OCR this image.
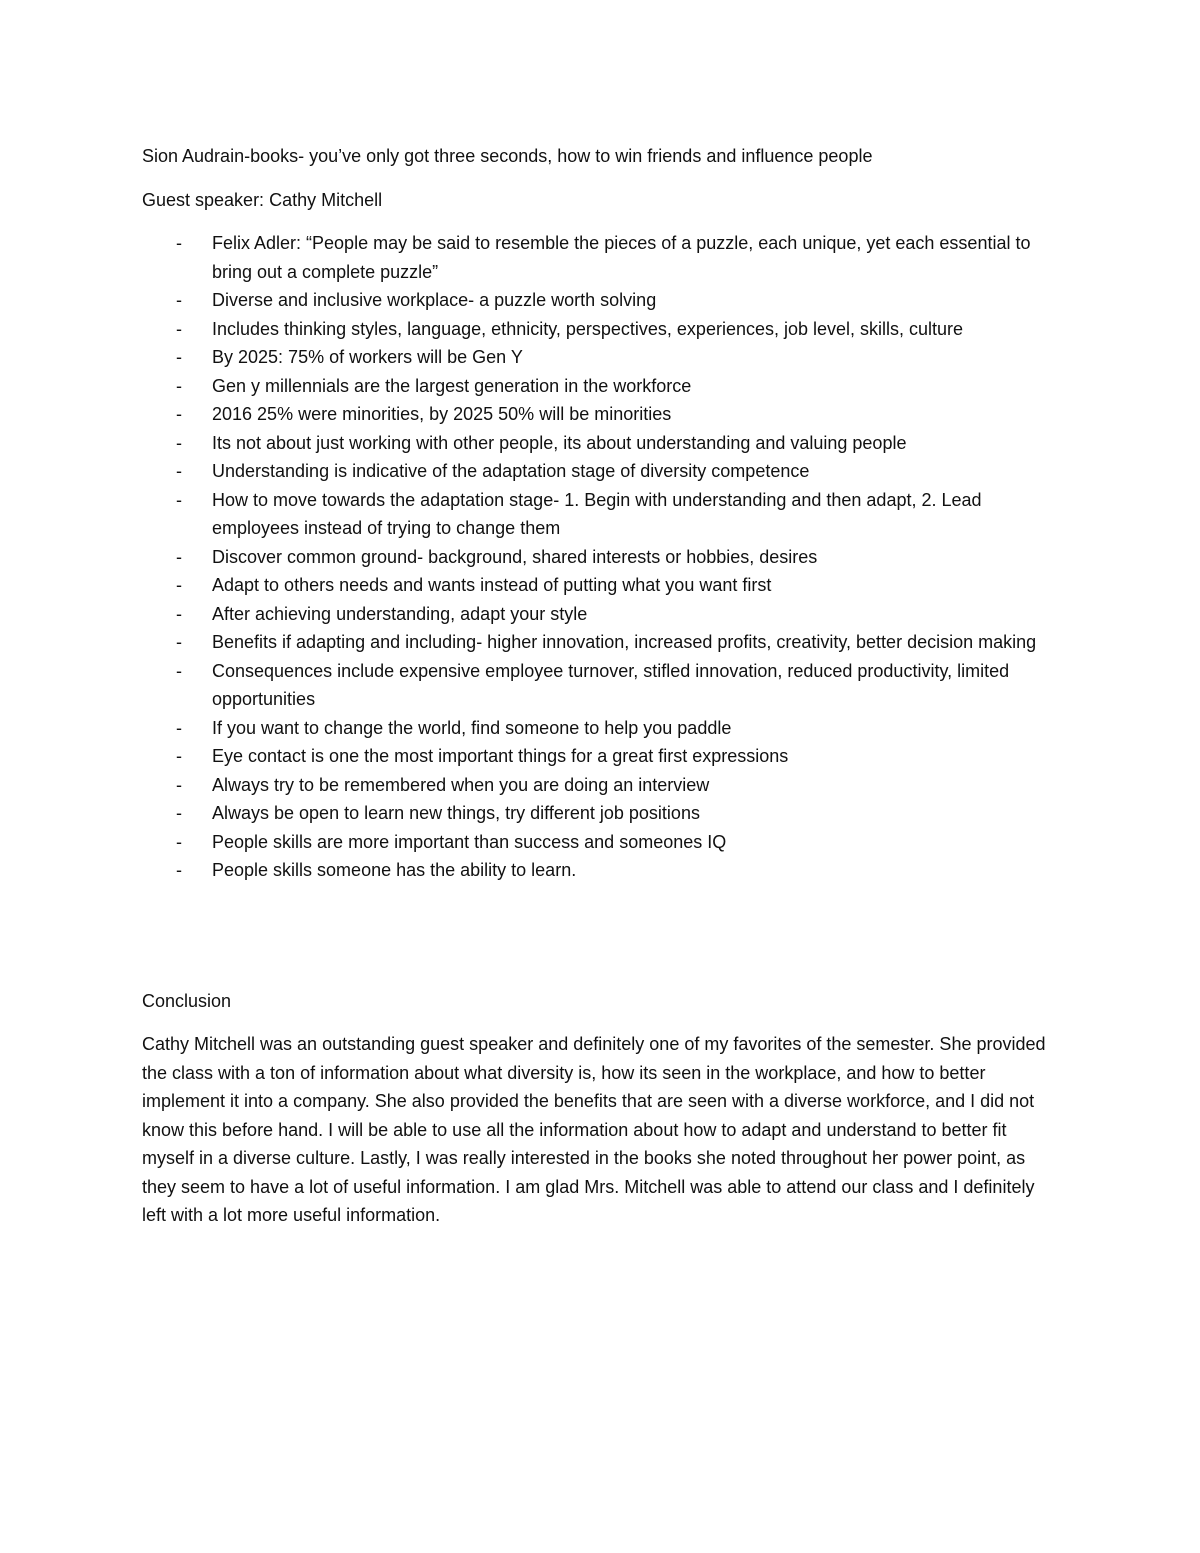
Sion Audrain-books- you’ve only got three seconds, how to win friends and influence people

Guest speaker: Cathy Mitchell

- Felix Adler: “People may be said to resemble the pieces of a puzzle, each unique, yet each essential to bring out a complete puzzle”
- Diverse and inclusive workplace- a puzzle worth solving
- Includes thinking styles, language, ethnicity, perspectives, experiences, job level, skills, culture
- By 2025: 75% of workers will be Gen Y
- Gen y millennials are the largest generation in the workforce
- 2016 25% were minorities, by 2025 50% will be minorities
- Its not about just working with other people, its about understanding and valuing people
- Understanding is indicative of the adaptation stage of diversity competence
- How to move towards the adaptation stage- 1. Begin with understanding and then adapt, 2. Lead employees instead of trying to change them
- Discover common ground- background, shared interests or hobbies, desires
- Adapt to others needs and wants instead of putting what you want first
- After achieving understanding, adapt your style
- Benefits if adapting and including- higher innovation, increased profits, creativity, better decision making
- Consequences include expensive employee turnover, stifled innovation, reduced productivity, limited opportunities
- If you want to change the world, find someone to help you paddle
- Eye contact is one the most important things for a great first expressions
- Always try to be remembered when you are doing an interview
- Always be open to learn new things, try different job positions
- People skills are more important than success and someones IQ
- People skills someone has the ability to learn.

Conclusion

Cathy Mitchell was an outstanding guest speaker and definitely one of my favorites of the semester. She provided the class with a ton of information about what diversity is, how its seen in the workplace, and how to better implement it into a company. She also provided the benefits that are seen with a diverse workforce, and I did not know this before hand. I will be able to use all the information about how to adapt and understand to better fit myself in a diverse culture. Lastly, I was really interested in the books she noted throughout her power point, as they seem to have a lot of useful information. I am glad Mrs. Mitchell was able to attend our class and I definitely left with a lot more useful information.
